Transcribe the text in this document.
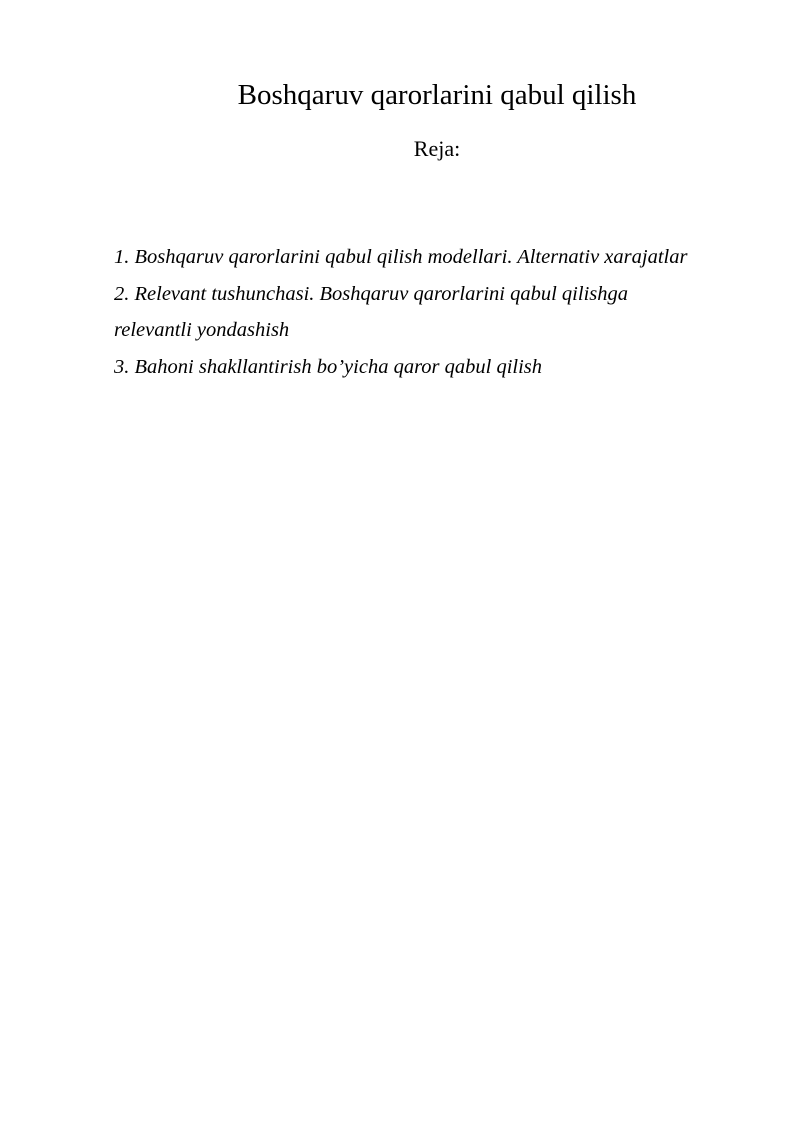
Boshqaruv qarorlarini qabul qilish
Reja:
1. Boshqaruv qarorlarini qabul qilish modellari. Alternativ xarajatlar
2. Relevant tushunchasi. Boshqaruv qarorlarini qabul qilishga relevantli yondashish
3. Bahoni shakllantirish bo’yicha qaror qabul qilish
